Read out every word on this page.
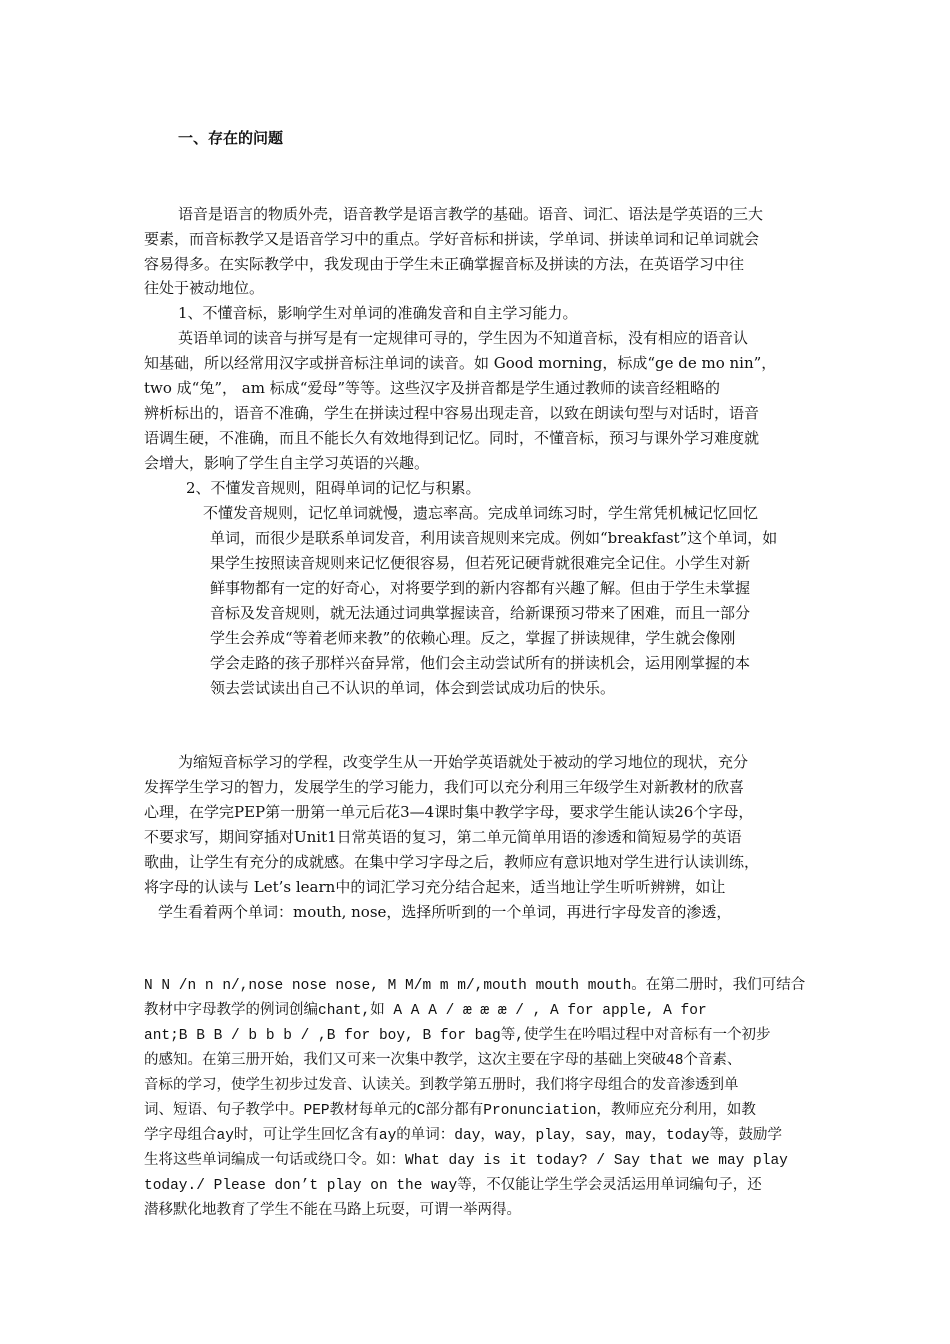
一、存在的问题
语音是语言的物质外壳，语音教学是语言教学的基础。语音、词汇、语法是学英语的三大
要素，而音标教学又是语音学习中的重点。学好音标和拼读，学单词、拼读单词和记单词就会
容易得多。在实际教学中，我发现由于学生未正确掌握音标及拼读的方法，在英语学习中往
往处于被动地位。
1、不懂音标，影响学生对单词的准确发音和自主学习能力。
英语单词的读音与拼写是有一定规律可寻的，学生因为不知道音标，没有相应的语音认
知基础，所以经常用汉字或拼音标注单词的读音。如 Good morning，标成“ge de mo nin”，
two 成“兔”， am 标成“爱母”等等。这些汉字及拼音都是学生通过教师的读音经粗略的
辨析标出的，语音不准确，学生在拼读过程中容易出现走音，以致在朗读句型与对话时，语音
语调生硬，不准确，而且不能长久有效地得到记忆。同时，不懂音标，预习与课外学习难度就
会增大，影响了学生自主学习英语的兴趣。
2、不懂发音规则，阻碍单词的记忆与积累。
不懂发音规则，记忆单词就慢，遗忘率高。完成单词练习时，学生常凭机械记忆回忆
单词，而很少是联系单词发音，利用读音规则来完成。例如“breakfast”这个单词，如
果学生按照读音规则来记忆便很容易，但若死记硬背就很难完全记住。小学生对新
鲜事物都有一定的好奇心，对将要学到的新内容都有兴趣了解。但由于学生未掌握
音标及发音规则，就无法通过词典掌握读音，给新课预习带来了困难，而且一部分
学生会养成“等着老师来教”的依赖心理。反之，掌握了拼读规律，学生就会像刚
学会走路的孩子那样兴奋异常，他们会主动尝试所有的拼读机会，运用刚掌握的本
领去尝试读出自己不认识的单词，体会到尝试成功后的快乐。
为缩短音标学习的学程，改变学生从一开始学英语就处于被动的学习地位的现状，充分
发挥学生学习的智力，发展学生的学习能力，我们可以充分利用三年级学生对新教材的欣喜
心理，在学完PEP第一册第一单元后花3—4课时集中教学字母，要求学生能认读26个字母，
不要求写，期间穿插对Unit1日常英语的复习，第二单元简单用语的渗透和简短易学的英语
歌曲，让学生有充分的成就感。在集中学习字母之后，教师应有意识地对学生进行认读训练，
将字母的认读与 Let’s learn中的词汇学习充分结合起来，适当地让学生听听辨辨，如让
学生看着两个单词：mouth, nose，选择所听到的一个单词，再进行字母发音的渗透，
N N /n n n/,nose nose nose, M M/m m m/,mouth mouth mouth。在第二册时，我们可结合
教材中字母教学的例词创编chant,如 A A A / æ æ æ / , A for apple, A for
ant;B B B / b b b / ,B for boy, B for bag等,使学生在吟唱过程中对音标有一个初步
的感知。在第三册开始，我们又可来一次集中教学，这次主要在字母的基础上突破48个音素、
音标的学习，使学生初步过发音、认读关。到教学第五册时，我们将字母组合的发音渗透到单
词、短语、句子教学中。PEP教材每单元的C部分都有Pronunciation，教师应充分利用，如教
学字母组合ay时，可让学生回忆含有ay的单词：day，way，play，say，may，today等，鼓励学
生将这些单词编成一句话或绕口令。如：What day is it today? / Say that we may play
today./ Please don’t play on the way等，不仅能让学生学会灵活运用单词编句子，还
潜移默化地教育了学生不能在马路上玩耍，可谓一举两得。
